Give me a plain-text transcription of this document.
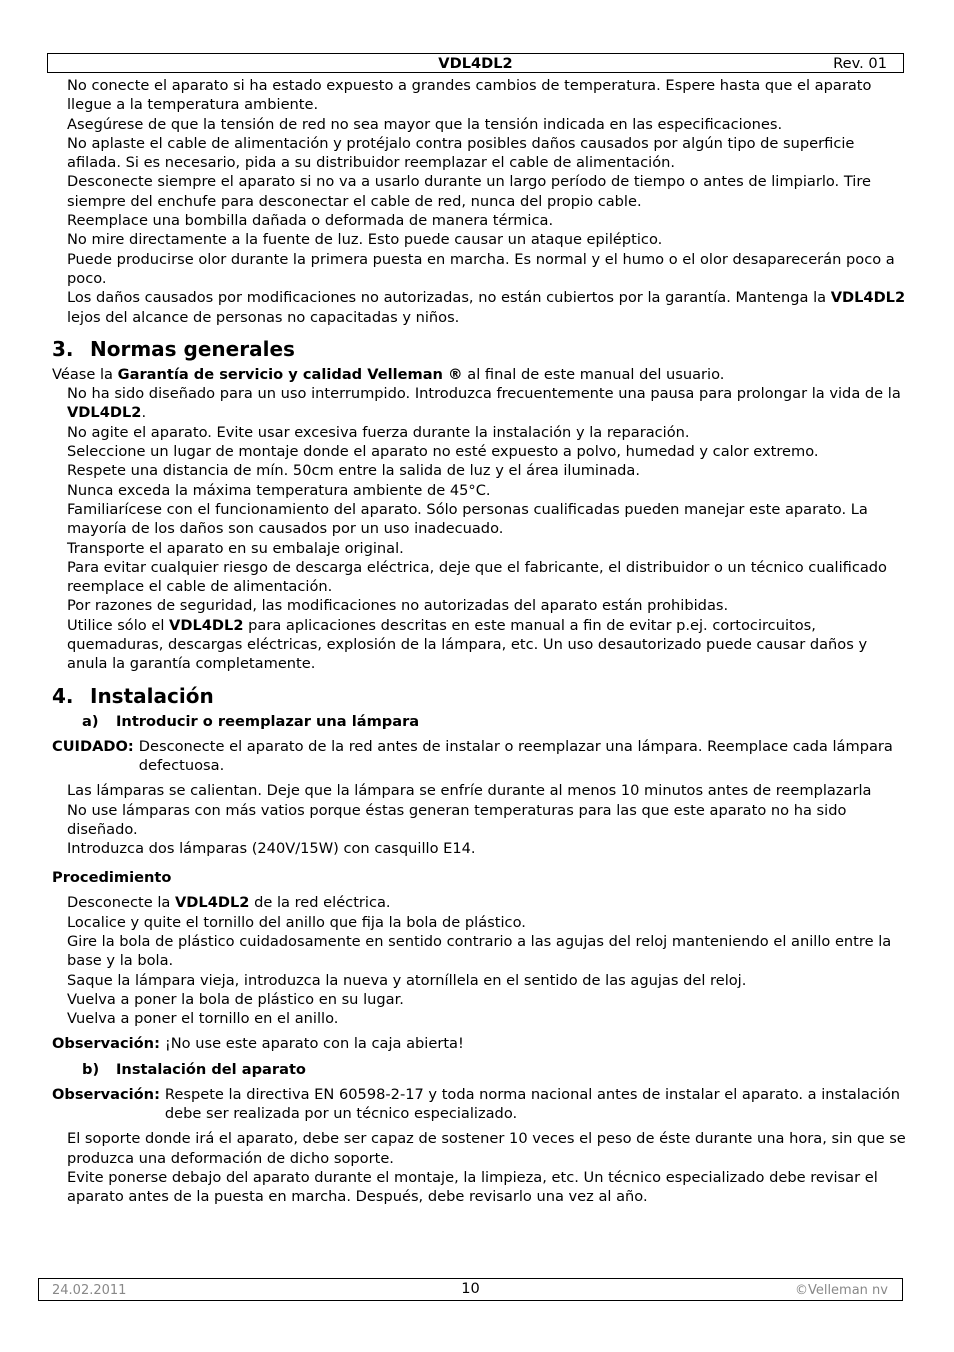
VDL4DL2	Rev. 01
No conecte el aparato si ha estado expuesto a grandes cambios de temperatura. Espere hasta que el aparato llegue a la temperatura ambiente.
Asegúrese de que la tensión de red no sea mayor que la tensión indicada en las especificaciones.
No aplaste el cable de alimentación y protéjalo contra posibles daños causados por algún tipo de superficie afilada. Si es necesario, pida a su distribuidor reemplazar el cable de alimentación.
Desconecte siempre el aparato si no va a usarlo durante un largo período de tiempo o antes de limpiarlo. Tire siempre del enchufe para desconectar el cable de red, nunca del propio cable.
Reemplace una bombilla dañada o deformada de manera térmica.
No mire directamente a la fuente de luz. Esto puede causar un ataque epiléptico.
Puede producirse olor durante la primera puesta en marcha. Es normal y el humo o el olor desaparecerán poco a poco.
Los daños causados por modificaciones no autorizadas, no están cubiertos por la garantía. Mantenga la VDL4DL2 lejos del alcance de personas no capacitadas y niños.
3. Normas generales
Véase la Garantía de servicio y calidad Velleman ® al final de este manual del usuario.
No ha sido diseñado para un uso interrumpido. Introduzca frecuentemente una pausa para prolongar la vida de la VDL4DL2.
No agite el aparato. Evite usar excesiva fuerza durante la instalación y la reparación.
Seleccione un lugar de montaje donde el aparato no esté expuesto a polvo, humedad y calor extremo.
Respete una distancia de mín. 50cm entre la salida de luz y el área iluminada.
Nunca exceda la máxima temperatura ambiente de 45°C.
Familiarícese con el funcionamiento del aparato. Sólo personas cualificadas pueden manejar este aparato. La mayoría de los daños son causados por un uso inadecuado.
Transporte el aparato en su embalaje original.
Para evitar cualquier riesgo de descarga eléctrica, deje que el fabricante, el distribuidor o un técnico cualificado reemplace el cable de alimentación.
Por razones de seguridad, las modificaciones no autorizadas del aparato están prohibidas.
Utilice sólo el VDL4DL2 para aplicaciones descritas en este manual a fin de evitar p.ej. cortocircuitos, quemaduras, descargas eléctricas, explosión de la lámpara, etc. Un uso desautorizado puede causar daños y anula la garantía completamente.
4. Instalación
a) Introducir o reemplazar una lámpara
CUIDADO: Desconecte el aparato de la red antes de instalar o reemplazar una lámpara. Reemplace cada lámpara defectuosa.
Las lámparas se calientan. Deje que la lámpara se enfríe durante al menos 10 minutos antes de reemplazarla
No use lámparas con más vatios porque éstas generan temperaturas para las que este aparato no ha sido diseñado.
Introduzca dos lámparas (240V/15W) con casquillo E14.
Procedimiento
Desconecte la VDL4DL2 de la red eléctrica.
Localice y quite el tornillo del anillo que fija la bola de plástico.
Gire la bola de plástico cuidadosamente en sentido contrario a las agujas del reloj manteniendo el anillo entre la base y la bola.
Saque la lámpara vieja, introduzca la nueva y atorníllela en el sentido de las agujas del reloj.
Vuelva a poner la bola de plástico en su lugar.
Vuelva a poner el tornillo en el anillo.
Observación: ¡No use este aparato con la caja abierta!
b) Instalación del aparato
Observación: Respete la directiva EN 60598-2-17 y toda norma nacional antes de instalar el aparato. a instalación debe ser realizada por un técnico especializado.
El soporte donde irá el aparato, debe ser capaz de sostener 10 veces el peso de éste durante una hora, sin que se produzca una deformación de dicho soporte.
Evite ponerse debajo del aparato durante el montaje, la limpieza, etc. Un técnico especializado debe revisar el aparato antes de la puesta en marcha. Después, debe revisarlo una vez al año.
24.02.2011	10	©Velleman nv
